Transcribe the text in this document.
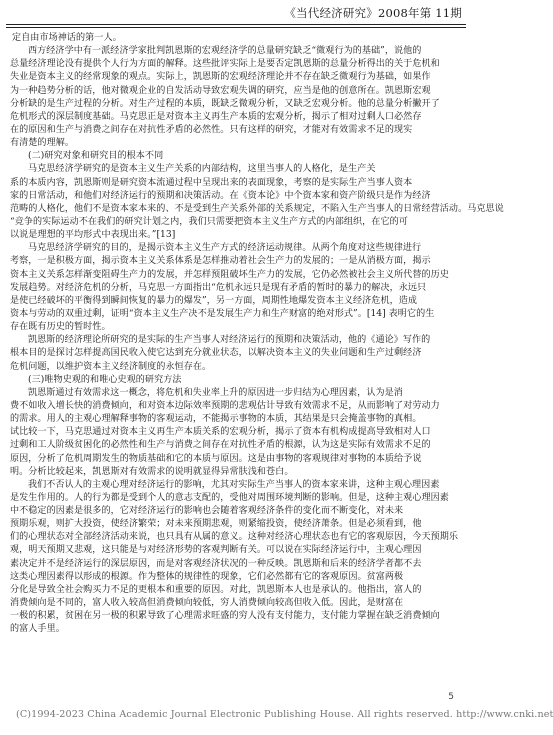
《当代经济研究》2008年第 11期
定自由市场神话的第一人。
西方经济学中有一派经济学家批判凯恩斯的宏观经济学的总量研究缺乏“微观行为的基础”，说他的
总量经济理论没有提供个人行为方面的解释。这些批评实际上是要否定凯恩斯的总量分析得出的关于危机和
失业是资本主义的经常现象的观点。实际上，凯恩斯的宏观经济理论并不存在缺乏微观行为基础，如果作
为一种趋势分析的话，他对微观企业的自发活动导致宏观失调的研究，应当是他的创意所在。凯恩斯宏观
分析缺的是生产过程的分析。对生产过程的本质，既缺乏微观分析，又缺乏宏观分析。他的总量分析撇开了
危机形式的深层制度基础。马克思正是对资本主义再生产本质的宏观分析，揭示了相对过剩人口必然存
在的原因和生产与消费之间存在对抗性矛盾的必然性。只有这样的研究，才能对有效需求不足的现实
有清楚的理解。
(二)研究对象和研究目的根本不同
马克思经济学研究的是资本主义生产关系的内部结构，这里当事人的人格化，是生产关
系的本质内容，凯恩斯则是研究资本流通过程中呈现出来的表面现象，考察的是实际生产当事人资本
家的日常活动，和他们对经济运行的预期和决策活动。在《资本论》中个资本家和资产阶级只是作为经济
范畴的人格化，他们不是资本家本来的、不是受到生产关系外部的关系规定，不陷入生产当事人的日常经营活动。马克思说
“竞争的实际运动不在我们的研究计划之内，我们只需要把资本主义生产方式的内部组织，在它的可
以说是理想的平均形式中表现出来。”[13]
马克思经济学研究的目的，是揭示资本主义生产方式的经济运动规律。从两个角度对这些规律进行
考察，一是积极方面，揭示资本主义关系体系是怎样推动着社会生产力的发展的；一是从消极方面，揭示
资本主义关系怎样渐变阻碍生产力的发展，并怎样预阻破坏生产力的发展，它仍必然被社会主义所代替的历史
发展趋势。对经济危机的分析，马克思一方面指出“危机永远只是现有矛盾的暂时的暴力的解决，永远只
是使已经破坏的平衡得到瞬间恢复的暴力的爆发”，另一方面，周期性地爆发资本主义经济危机，造成
资本与劳动的双重过剩，证明“资本主义生产决不是发展生产力和生产财富的绝对形式”。[14] 表明它的生
存在既有历史的暂时性。
凯恩斯的经济理论所研究的是实际的生产当事人对经济运行的预期和决策活动，他的《通论》写作的
根本目的是探讨怎样提高国民收入使它达到充分就业状态，以解决资本主义的失业问题和生产过剩经济
危机问题，以维护资本主义经济制度的永恒存在。
(三)唯物史观的和唯心史观的研究方法
凯恩斯通过有效需求这一概念，将危机和失业率上升的原因进一步归结为心理因素，认为是消
费不如收入增长快的消费倾向，和对资本边际效率预期的悲观估计导致有效需求不足，从而影响了对劳动力
的需求。用人的主观心理解释事物的客观运动，不能揭示事物的本质，其结果是只会掩盖事物的真相。
试比较一下，马克思通过对资本主义再生产本质关系的宏观分析，揭示了资本有机构成提高导致相对人口
过剩和工人阶级贫困化的必然性和生产与消费之间存在对抗性矛盾的根源，认为这是实际有效需求不足的
原因，分析了危机周期发生的物质基础和它的本质与原因。这是由事物的客观规律对事物的本质给予说
明。分析比较起来，凯恩斯对有效需求的说明就显得异常肤浅和苍白。
我们不否认人的主观心理对经济运行的影响，尤其对实际生产当事人的资本家来讲，这种主观心理因素
是发生作用的。人的行为都是受到个人的意志支配的，受他对周围环境判断的影响。但是，这种主观心理因素
中不稳定的因素是很多的，它对经济运行的影响也会随着客观经济条件的变化而不断变化，对未来
预期乐观，则扩大投资，使经济繁荣；对未来预期悲观，则紧缩投资，使经济萧条。但是必须看到，他
们的心理状态对全部经济活动来说，也只具有从属的意义。这种对经济心理状态也有它的客观原因，今天预期乐
观，明天预期又悲观，这只能是与对经济形势的客观判断有关。可以说在实际经济运行中，主观心理因
素决定并不是经济运行的深层原因，而是对客观经济状况的一种反映。凯恩斯和后来的经济学者都不去
这类心理因素得以形成的根源。作为整体的规律性的现象，它们必然都有它的客观原因。贫富两极
分化是导致全社会购买力不足的更根本和重要的原因。对此，凯恩斯本人也是承认的。他指出，富人的
消费倾向是不同的，富人收入较高但消费倾向较低，穷人消费倾向较高但收入低。因此，是财富在
一极的积累，贫困在另一极的积累导致了心理需求旺盛的穷人没有支付能力，支付能力掌握在缺乏消费倾向
的富人手里。
5
(C)1994-2023 China Academic Journal Electronic Publishing House. All rights reserved. http://www.cnki.net
